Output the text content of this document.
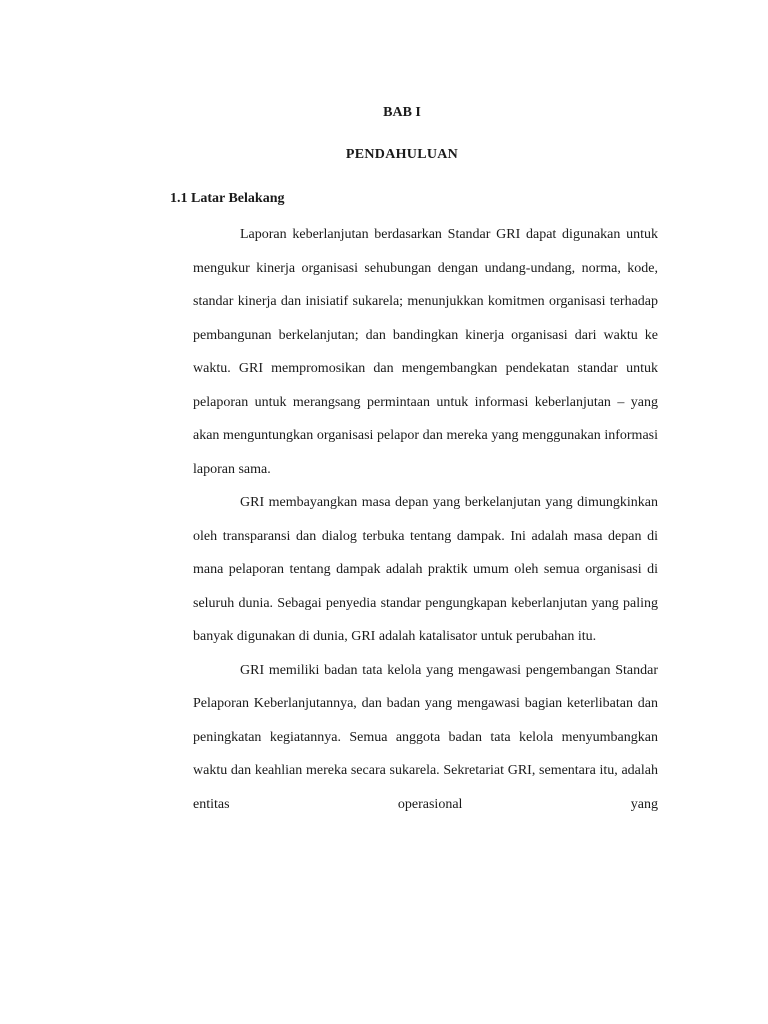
BAB I
PENDAHULUAN
1.1 Latar Belakang

Laporan keberlanjutan berdasarkan Standar GRI dapat digunakan untuk mengukur kinerja organisasi sehubungan dengan undang-undang, norma, kode, standar kinerja dan inisiatif sukarela; menunjukkan komitmen organisasi terhadap pembangunan berkelanjutan; dan bandingkan kinerja organisasi dari waktu ke waktu. GRI mempromosikan dan mengembangkan pendekatan standar untuk pelaporan untuk merangsang permintaan untuk informasi keberlanjutan – yang akan menguntungkan organisasi pelapor dan mereka yang menggunakan informasi laporan sama.

GRI membayangkan masa depan yang berkelanjutan yang dimungkinkan oleh transparansi dan dialog terbuka tentang dampak. Ini adalah masa depan di mana pelaporan tentang dampak adalah praktik umum oleh semua organisasi di seluruh dunia. Sebagai penyedia standar pengungkapan keberlanjutan yang paling banyak digunakan di dunia, GRI adalah katalisator untuk perubahan itu.

GRI memiliki badan tata kelola yang mengawasi pengembangan Standar Pelaporan Keberlanjutannya, dan badan yang mengawasi bagian keterlibatan dan peningkatan kegiatannya. Semua anggota badan tata kelola menyumbangkan waktu dan keahlian mereka secara sukarela. Sekretariat GRI, sementara itu, adalah entitas operasional yang
